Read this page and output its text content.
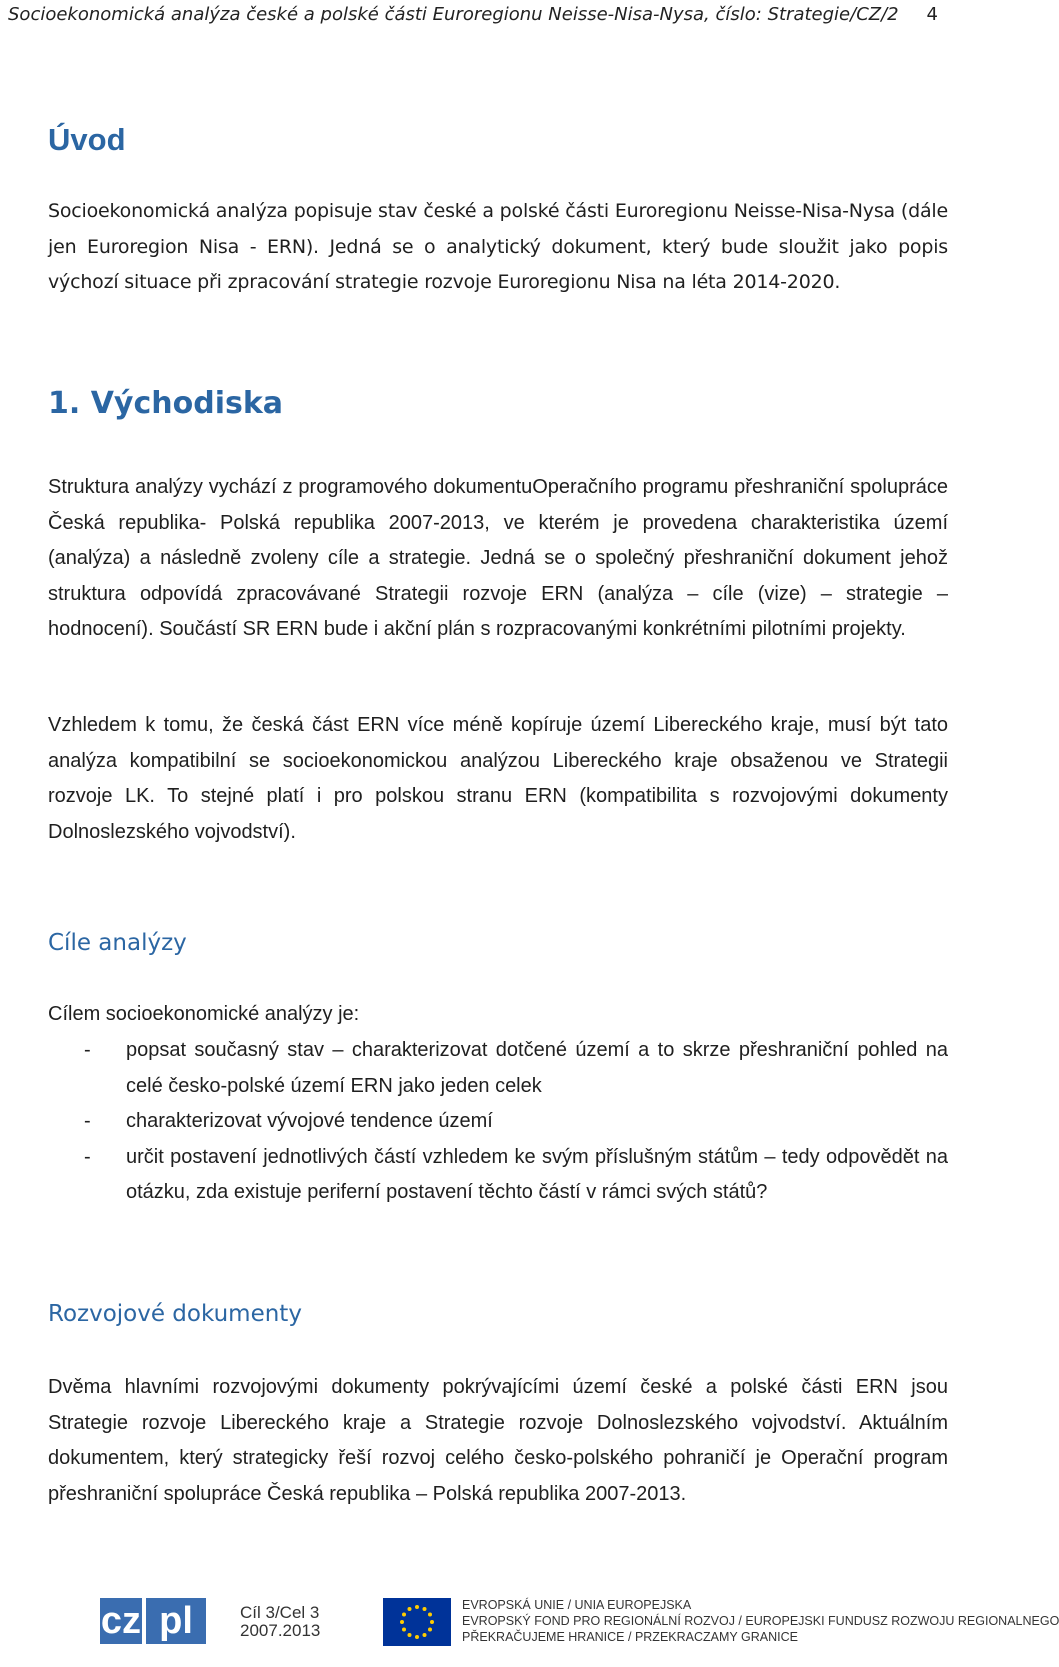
Socioekonomická analýza české a polské části Euroregionu Neisse-Nisa-Nysa, číslo: Strategie/CZ/2 4
Úvod

Socioekonomická analýza popisuje stav české a polské části Euroregionu Neisse-Nisa-Nysa (dále jen Euroregion Nisa - ERN). Jedná se o analytický dokument, který bude sloužit jako popis výchozí situace při zpracování strategie rozvoje Euroregionu Nisa na léta 2014-2020.

1. Východiska

Struktura analýzy vychází z programového dokumentuOperačního programu přeshraniční spolupráce Česká republika- Polská republika 2007-2013, ve kterém je provedena charakteristika území (analýza) a následně zvoleny cíle a strategie. Jedná se o společný přeshraniční dokument jehož struktura odpovídá zpracovávané Strategii rozvoje ERN (analýza – cíle (vize) – strategie – hodnocení). Součástí SR ERN bude i akční plán s rozpracovanými konkrétními pilotními projekty.

Vzhledem k tomu, že česká část ERN více méně kopíruje území Libereckého kraje, musí být tato analýza kompatibilní se socioekonomickou analýzou Libereckého kraje obsaženou ve Strategii rozvoje LK. To stejné platí i pro polskou stranu ERN (kompatibilita s rozvojovými dokumenty Dolnoslezského vojvodství).

Cíle analýzy

Cílem socioekonomické analýzy je:

- popsat současný stav – charakterizovat dotčené území a to skrze přeshraniční pohled na celé česko-polské území ERN jako jeden celek
- charakterizovat vývojové tendence území
- určit postavení jednotlivých částí vzhledem ke svým příslušným státům – tedy odpovědět na otázku, zda existuje periferní postavení těchto částí v rámci svých států?
Rozvojové dokumenty

Dvěma hlavními rozvojovými dokumenty pokrývajícími území české a polské části ERN jsou Strategie rozvoje Libereckého kraje a Strategie rozvoje Dolnoslezského vojvodství. Aktuálním dokumentem, který strategicky řeší rozvoj celého česko-polského pohraničí je Operační program přeshraniční spolupráce Česká republika – Polská republika 2007-2013.

cz pl	Cíl 3/Cel 3
2007.2013
EVROPSKÁ UNIE / UNIA EUROPEJSKA
EVROPSKÝ FOND PRO REGIONÁLNÍ ROZVOJ / EUROPEJSKI FUNDUSZ ROZWOJU REGIONALNEGO
PŘEKRAČUJEME HRANICE / PRZEKRACZAMY GRANICE
